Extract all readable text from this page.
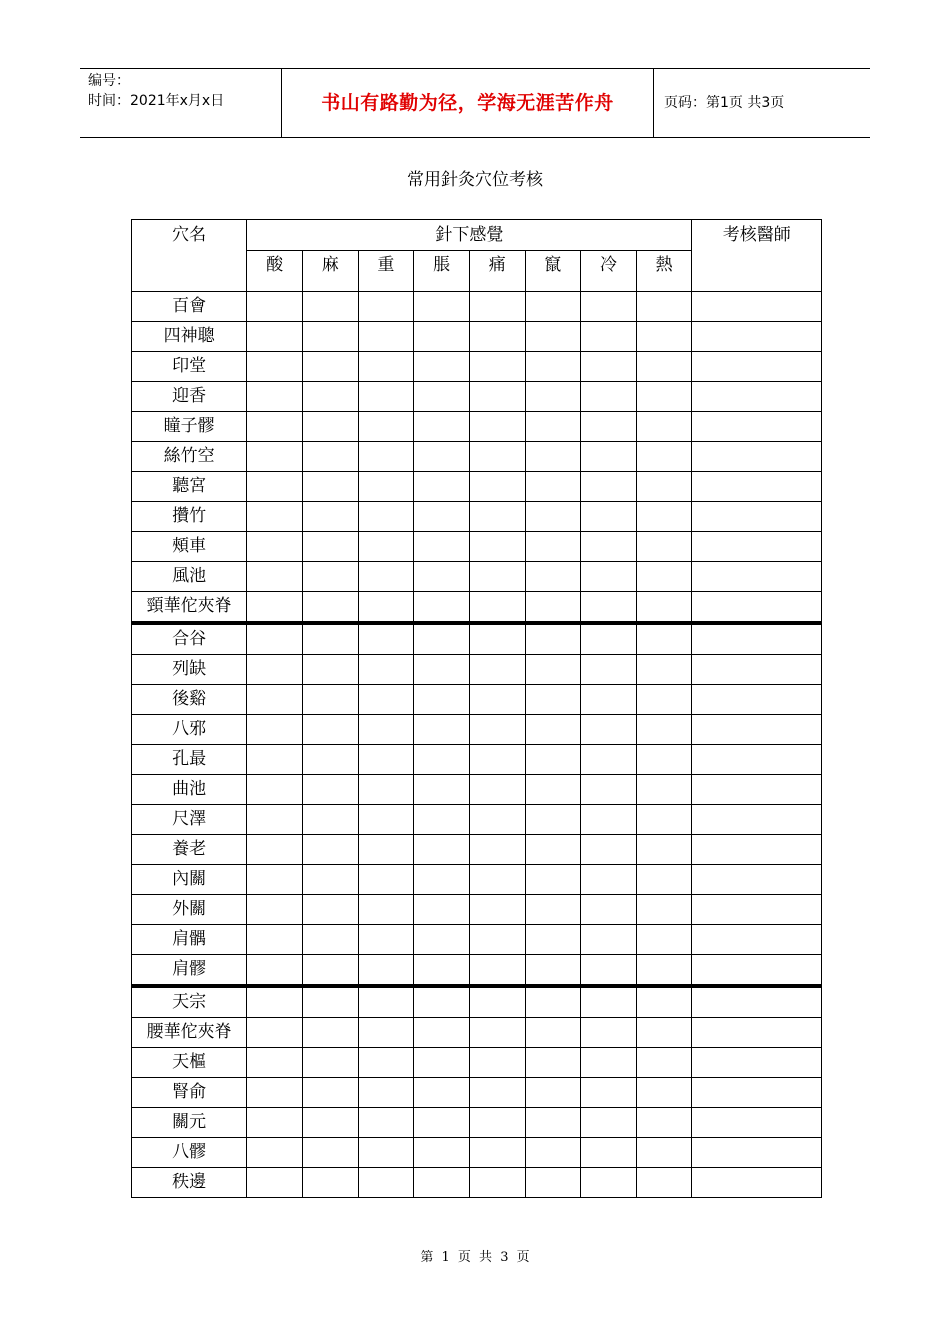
编号：
时间：2021年x月x日	书山有路勤为径，学海无涯苦作舟	页码：第1页 共3页
常用針灸穴位考核
穴名	針下感覺								考核醫師
	酸	麻	重	脹	痛	竄	冷	熱	
百會									
四神聰									
印堂									
迎香									
瞳子髎									
絲竹空									
聽宮									
攢竹									
頰車									
風池									
頸華佗夾脊									
合谷									
列缺									
後谿									
八邪									
孔最									
曲池									
尺澤									
養老									
內關									
外關									
肩髃									
肩髎									
天宗									
腰華佗夾脊									
天樞									
腎俞									
關元									
八髎									
秩邊									
第 1 页 共 3 页
